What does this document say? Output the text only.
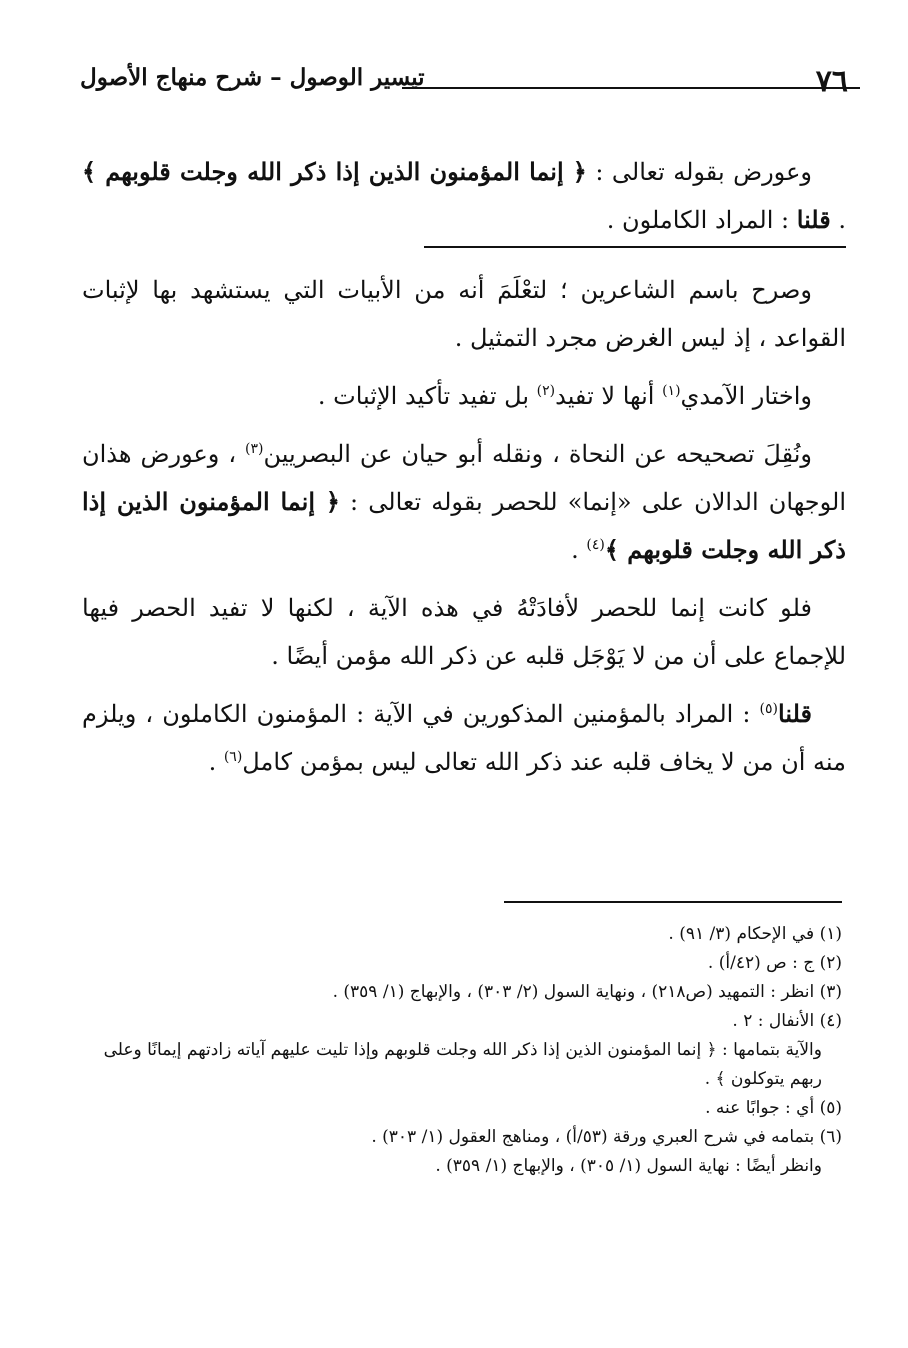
٧٦
تيسير الوصول – شرح منهاج الأصول

وعورض بقوله تعالى : ﴿ إنما المؤمنون الذين إذا ذكر الله وجلت قلوبهم ﴾ . قلنا : المراد الكاملون .

وصرح باسم الشاعرين ؛ لتعْلَمَ أنه من الأبيات التي يستشهد بها لإثبات القواعد ، إذ ليس الغرض مجرد التمثيل .

واختار الآمدي$^{(١)}$ أنها لا تفيد$^{(٢)}$ بل تفيد تأكيد الإثبات .

ونُقِلَ تصحيحه عن النحاة ، ونقله أبو حيان عن البصريين$^{(٣)}$ ، وعورض هذان الوجهان الدالان على «إنما» للحصر بقوله تعالى : ﴿ إنما المؤمنون الذين إذا ذكر الله وجلت قلوبهم ﴾$^{(٤)}$ .

فلو كانت إنما للحصر لأفادَتْهُ في هذه الآية ، لكنها لا تفيد الحصر فيها للإجماع على أن من لا يَوْجَل قلبه عن ذكر الله مؤمن أيضًا .

قلنا$^{(٥)}$ : المراد بالمؤمنين المذكورين في الآية : المؤمنون الكاملون ، ويلزم منه أن من لا يخاف قلبه عند ذكر الله تعالى ليس بمؤمن كامل$^{(٦)}$ .

(١) في الإحكام (٣/ ٩١) .
(٢) ج : ص (٤٢/أ) .
(٣) انظر : التمهيد (ص٢١٨) ، ونهاية السول (٢/ ٣٠٣) ، والإبهاج (١/ ٣٥٩) .
(٤) الأنفال : ٢ .
والآية بتمامها : ﴿ إنما المؤمنون الذين إذا ذكر الله وجلت قلوبهم وإذا تليت عليهم آياته زادتهم إيمانًا وعلى ربهم يتوكلون ﴾ .
(٥) أي : جوابًا عنه .
(٦) بتمامه في شرح العبري ورقة (٥٣/أ) ، ومناهج العقول (١/ ٣٠٣) .
وانظر أيضًا : نهاية السول (١/ ٣٠٥) ، والإبهاج (١/ ٣٥٩) .
